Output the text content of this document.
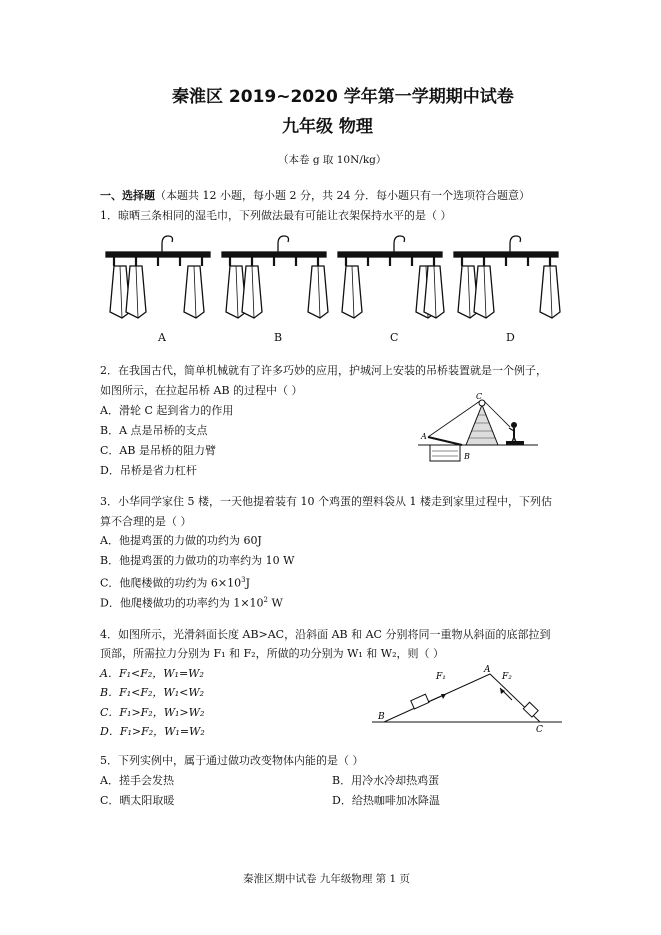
秦淮区 2019~2020 学年第一学期期中试卷
九年级 物理
（本卷 g 取 10N/kg）
一、选择题（本题共 12 小题，每小题 2 分，共 24 分．每小题只有一个选项符合题意）
1．晾晒三条相同的湿毛巾，下列做法最有可能让衣架保持水平的是（ ）
A	B	C	D
2．在我国古代，简单机械就有了许多巧妙的应用，护城河上安装的吊桥装置就是一个例子，
如图所示，在拉起吊桥 AB 的过程中（ ）
A．滑轮 C 起到省力的作用
B．A 点是吊桥的支点
C．AB 是吊桥的阻力臂
D．吊桥是省力杠杆
C
A
B
3．小华同学家住 5 楼，一天他提着装有 10 个鸡蛋的塑料袋从 1 楼走到家里过程中，下列估
算不合理的是（ ）
A．他提鸡蛋的力做的功约为 60J
B．他提鸡蛋的力做功的功率约为 10 W
C．他爬楼做的功约为 $6\times 10^3J$
D．他爬楼做功的功率约为 $1\times 10^2$ W
4．如图所示，光滑斜面长度 AB>AC，沿斜面 AB 和 AC 分别将同一重物从斜面的底部拉到
顶部，所需拉力分别为 F₁ 和 F₂，所做的功分别为 W₁ 和 W₂，则（ ）
A．F₁<F₂，W₁=W₂
B．F₁<F₂，W₁<W₂
C．F₁>F₂，W₁>W₂
D．F₁>F₂，W₁=W₂
A
B
C
F₁	F₂
5．下列实例中，属于通过做功改变物体内能的是（ ）
A．搓手会发热	B．用冷水冷却热鸡蛋
C．晒太阳取暖	D．给热咖啡加冰降温
秦淮区期中试卷 九年级物理 第 1 页
